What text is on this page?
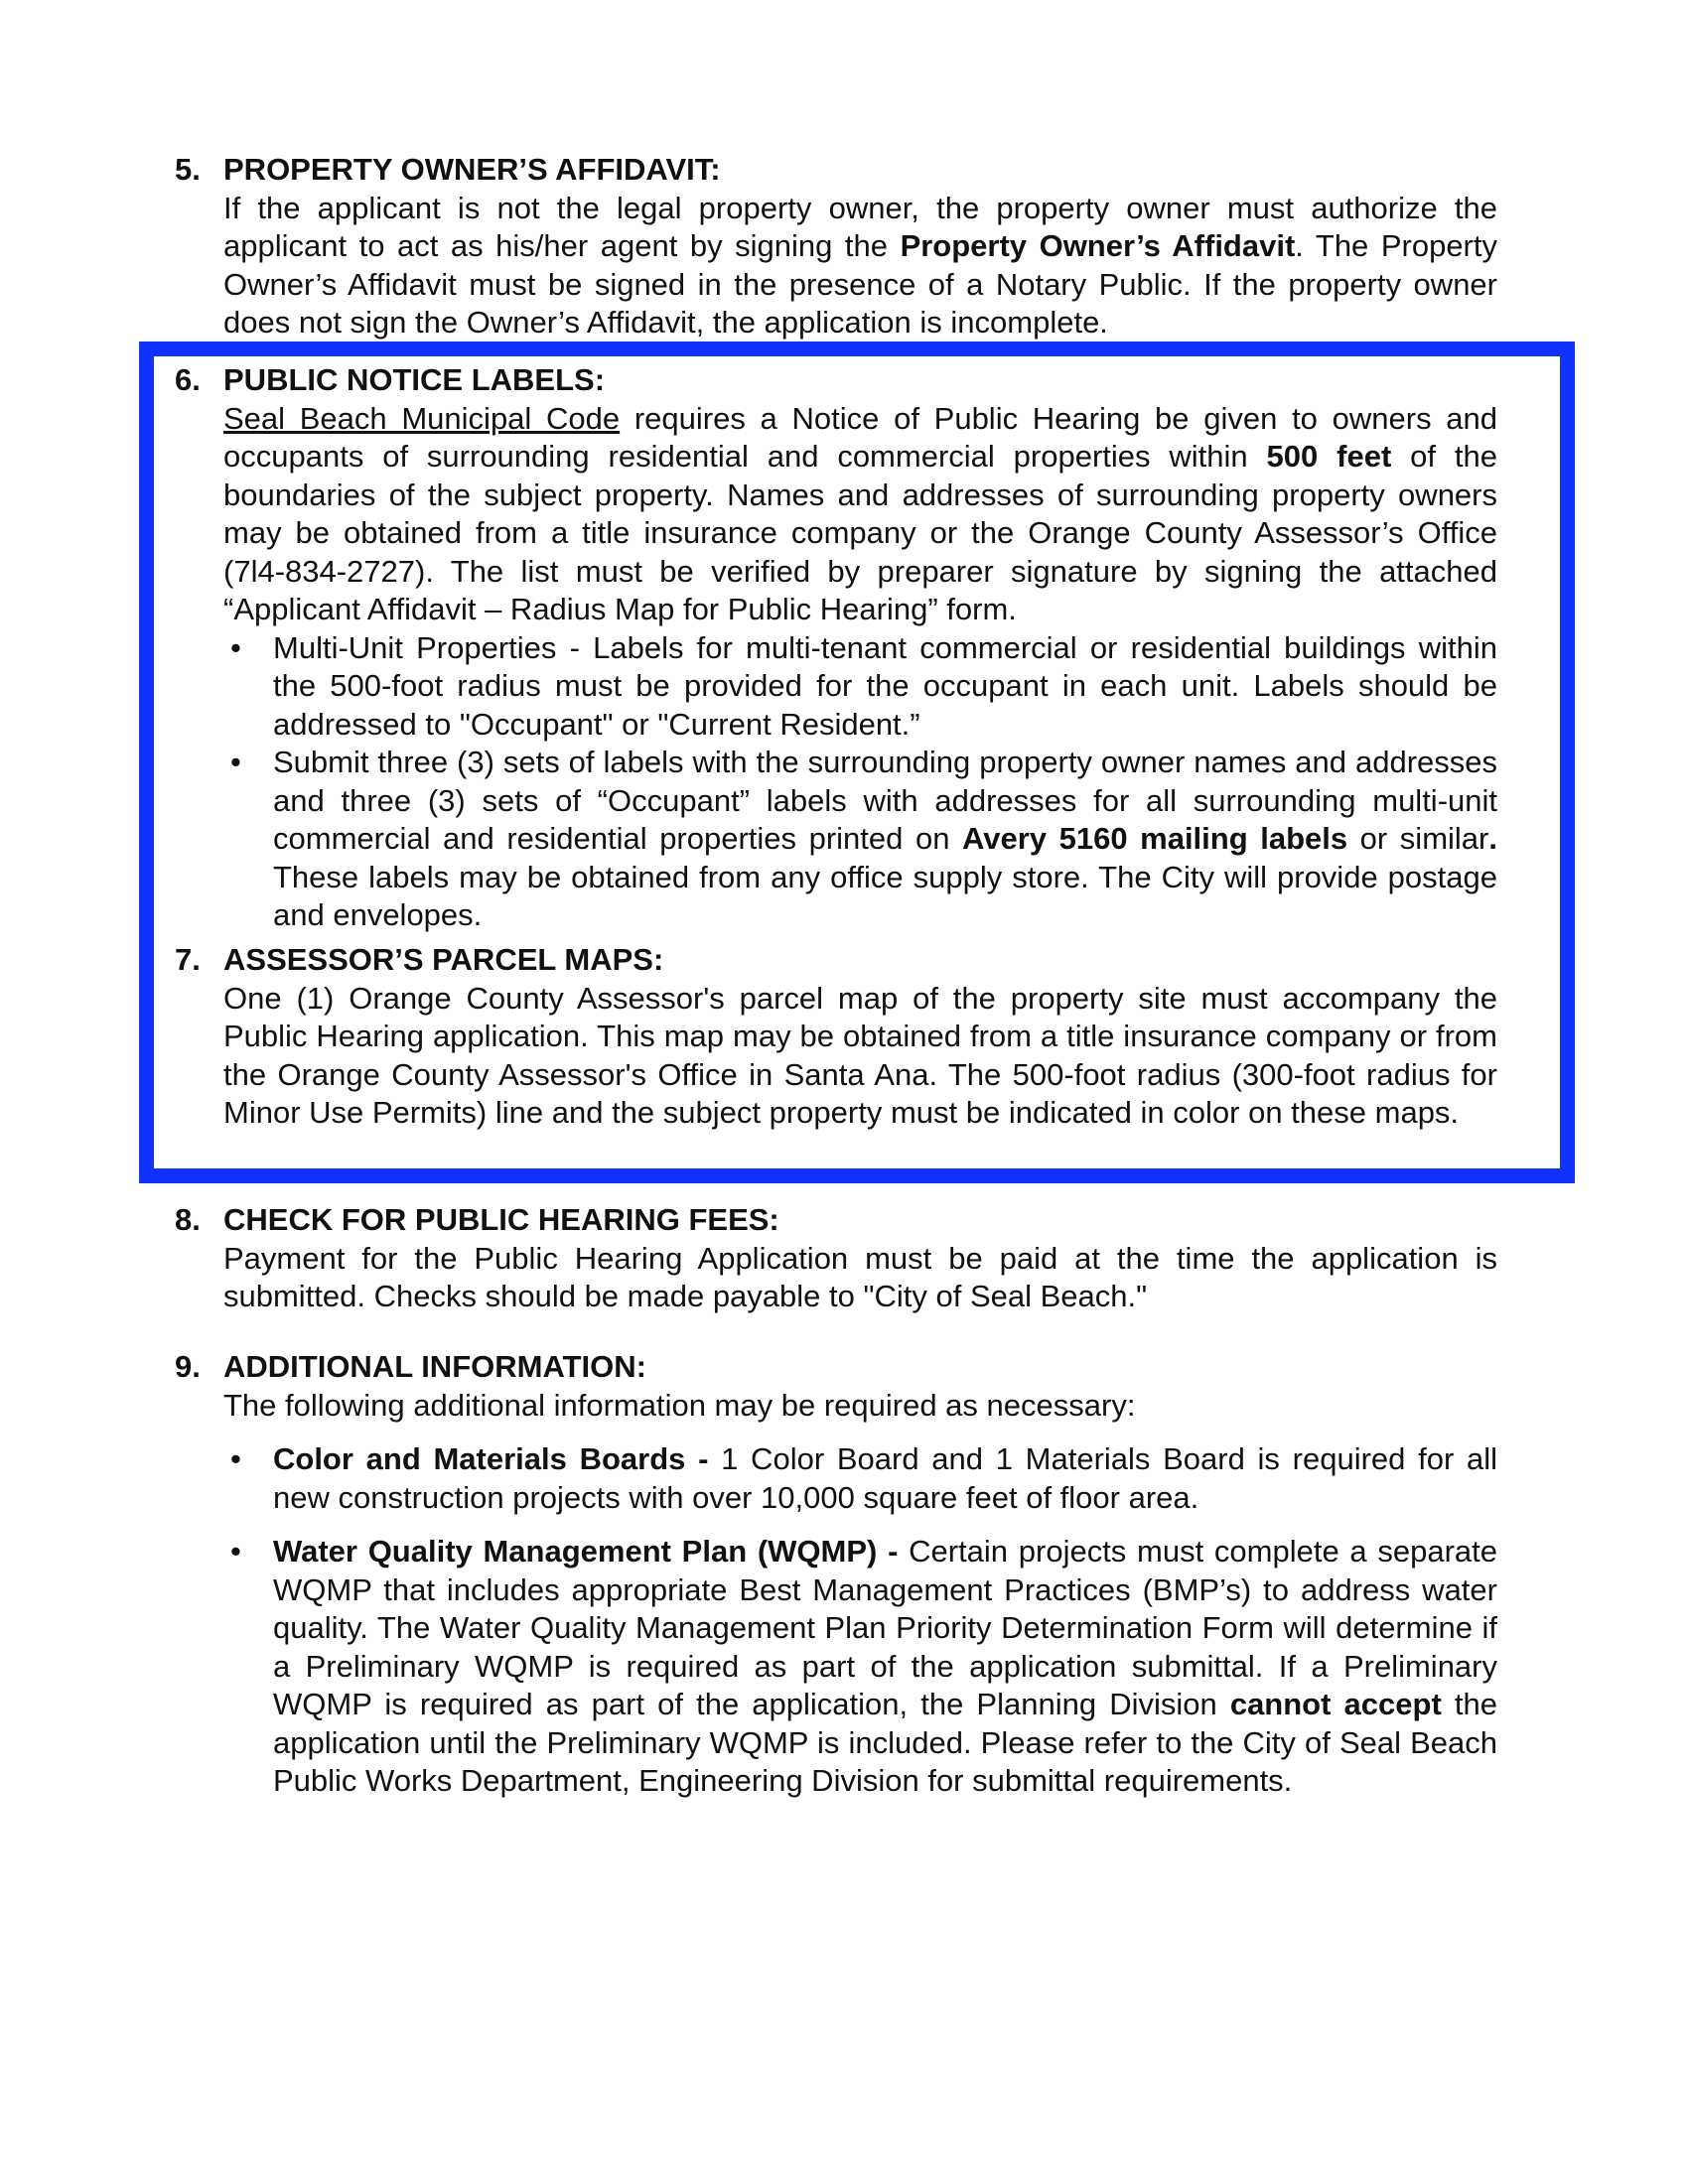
5. PROPERTY OWNER’S AFFIDAVIT:
If the applicant is not the legal property owner, the property owner must authorize the applicant to act as his/her agent by signing the Property Owner’s Affidavit. The Property Owner’s Affidavit must be signed in the presence of a Notary Public. If the property owner does not sign the Owner’s Affidavit, the application is incomplete.
6. PUBLIC NOTICE LABELS:
Seal Beach Municipal Code requires a Notice of Public Hearing be given to owners and occupants of surrounding residential and commercial properties within 500 feet of the boundaries of the subject property. Names and addresses of surrounding property owners may be obtained from a title insurance company or the Orange County Assessor’s Office (7l4-834-2727). The list must be verified by preparer signature by signing the attached “Applicant Affidavit – Radius Map for Public Hearing” form.
• Multi-Unit Properties - Labels for multi-tenant commercial or residential buildings within the 500-foot radius must be provided for the occupant in each unit. Labels should be addressed to "Occupant" or "Current Resident.”
• Submit three (3) sets of labels with the surrounding property owner names and addresses and three (3) sets of “Occupant” labels with addresses for all surrounding multi-unit commercial and residential properties printed on Avery 5160 mailing labels or similar. These labels may be obtained from any office supply store. The City will provide postage and envelopes.
7. ASSESSOR’S PARCEL MAPS:
One (1) Orange County Assessor's parcel map of the property site must accompany the Public Hearing application. This map may be obtained from a title insurance company or from the Orange County Assessor's Office in Santa Ana. The 500-foot radius (300-foot radius for Minor Use Permits) line and the subject property must be indicated in color on these maps.
8. CHECK FOR PUBLIC HEARING FEES:
Payment for the Public Hearing Application must be paid at the time the application is submitted. Checks should be made payable to "City of Seal Beach."
9. ADDITIONAL INFORMATION:
The following additional information may be required as necessary:
• Color and Materials Boards - 1 Color Board and 1 Materials Board is required for all new construction projects with over 10,000 square feet of floor area.
• Water Quality Management Plan (WQMP) - Certain projects must complete a separate WQMP that includes appropriate Best Management Practices (BMP’s) to address water quality. The Water Quality Management Plan Priority Determination Form will determine if a Preliminary WQMP is required as part of the application submittal. If a Preliminary WQMP is required as part of the application, the Planning Division cannot accept the application until the Preliminary WQMP is included. Please refer to the City of Seal Beach Public Works Department, Engineering Division for submittal requirements.
